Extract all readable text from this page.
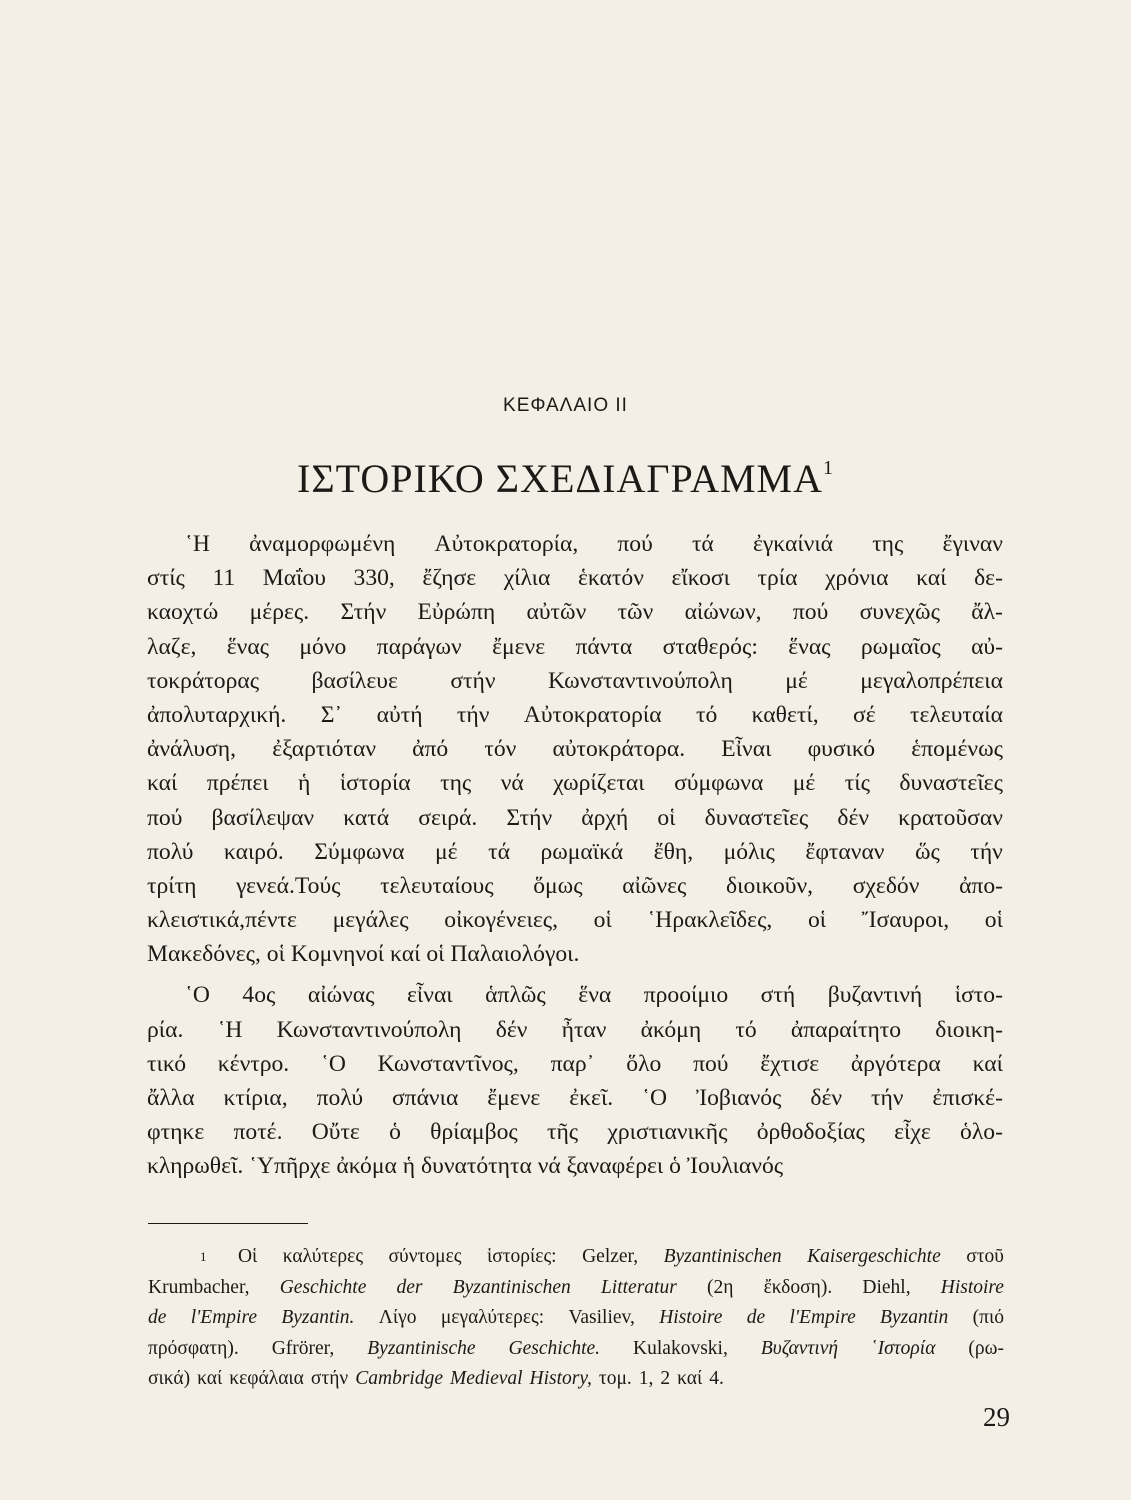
ΚΕΦΑΛΑΙΟ II
ΙΣΤΟΡΙΚΟ ΣΧΕΔΙΑΓΡΑΜΜΑ$^1$
῾Η ἀναμορφωμένη Αὐτοκρατορία, πού τά ἐγκαίνιά της ἔγιναν
στίς 11 Μαΐου 330, ἔζησε χίλια ἑκατόν εἴκοσι τρία χρόνια καί δε-
καοχτώ μέρες. Στήν Εὐρώπη αὐτῶν τῶν αἰώνων, πού συνεχῶς ἄλ-
λαζε, ἕνας μόνο παράγων ἔμενε πάντα σταθερός: ἕνας ρωμαῖος αὐ-
τοκράτορας βασίλευε στήν Κωνσταντινούπολη μέ μεγαλοπρέπεια
ἀπολυταρχική. Σ᾿ αὐτή τήν Αὐτοκρατορία τό καθετί, σέ τελευταία
ἀνάλυση, ἐξαρτιόταν ἀπό τόν αὐτοκράτορα. Εἶναι φυσικό ἑπομένως
καί πρέπει ἡ ἱστορία της νά χωρίζεται σύμφωνα μέ τίς δυναστεῖες
πού βασίλεψαν κατά σειρά. Στήν ἀρχή οἱ δυναστεῖες δέν κρατοῦσαν
πολύ καιρό. Σύμφωνα μέ τά ρωμαϊκά ἔθη, μόλις ἔφταναν ὥς τήν
τρίτη γενεά.Τούς τελευταίους ὅμως αἰῶνες διοικοῦν, σχεδόν ἀπο-
κλειστικά,πέντε μεγάλες οἰκογένειες, οἱ ῾Ηρακλεῖδες, οἱ Ἴσαυροι, οἱ
Μακεδόνες, οἱ Κομνηνοί καί οἱ Παλαιολόγοι.
῾Ο 4ος αἰώνας εἶναι ἁπλῶς ἕνα προοίμιο στή βυζαντινή ἱστο-
ρία. ῾Η Κωνσταντινούπολη δέν ἦταν ἀκόμη τό ἀπαραίτητο διοικη-
τικό κέντρο. ῾Ο Κωνσταντῖνος, παρ᾿ ὅλο πού ἔχτισε ἀργότερα καί
ἄλλα κτίρια, πολύ σπάνια ἔμενε ἐκεῖ. ῾Ο Ἰοβιανός δέν τήν ἐπισκέ-
φτηκε ποτέ. Οὔτε ὁ θρίαμβος τῆς χριστιανικῆς ὀρθοδοξίας εἶχε ὁλο-
κληρωθεῖ. ῾Υπῆρχε ἀκόμα ἡ δυνατότητα νά ξαναφέρει ὁ Ἰουλιανός
1 Οἱ καλύτερες σύντομες ἱστορίες: Gelzer, Byzantinischen Kaisergeschichte στοῦ
Krumbacher, Geschichte der Byzantinischen Litteratur (2η ἔκδοση). Diehl, Histoire
de l'Empire Byzantin. Λίγο μεγαλύτερες: Vasiliev, Histoire de l'Empire Byzantin (πιό
πρόσφατη). Gfrörer, Byzantinische Geschichte. Kulakovski, Βυζαντινή ῾Ιστορία (ρω-
σικά) καί κεφάλαια στήν Cambridge Medieval History, τομ. 1, 2 καί 4.
29
